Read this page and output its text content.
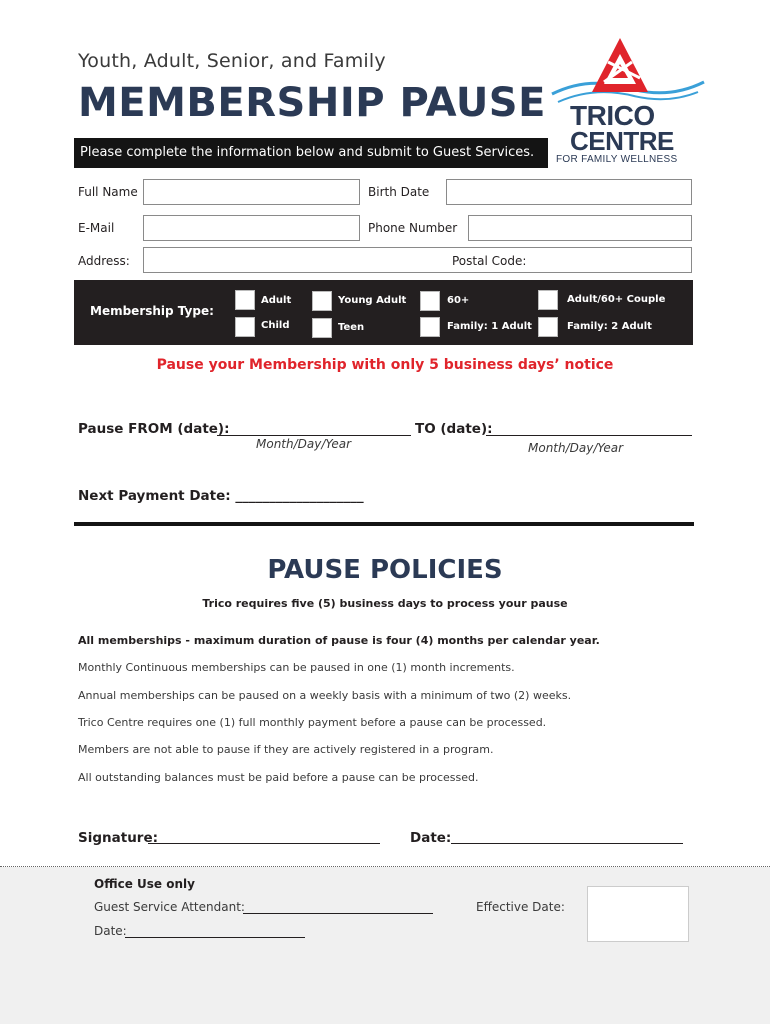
Youth, Adult, Senior, and Family
MEMBERSHIP PAUSE
Please complete the information below and submit to Guest Services.
TRICO
CENTRE
FOR FAMILY WELLNESS
Full Name	Birth Date
E-Mail	Phone Number
Address:	Postal Code:
Membership Type:
Adult	Young Adult	60+	Adult/60+ Couple
Child	Teen	Family: 1 Adult	Family: 2 Adult
Pause your Membership with only 5 business days’ notice
Pause FROM (date):	TO (date):
Month/Day/Year	Month/Day/Year
Next Payment Date: ___________________
PAUSE POLICIES
Trico requires five (5) business days to process your pause
All memberships - maximum duration of pause is four (4) months per calendar year.
Monthly Continuous memberships can be paused in one (1) month increments.
Annual memberships can be paused on a weekly basis with a minimum of two (2) weeks.
Trico Centre requires one (1) full monthly payment before a pause can be processed.
Members are not able to pause if they are actively registered in a program.
All outstanding balances must be paid before a pause can be processed.
Signature:	Date:
Office Use only
Guest Service Attendant:	Effective Date:
Date:
